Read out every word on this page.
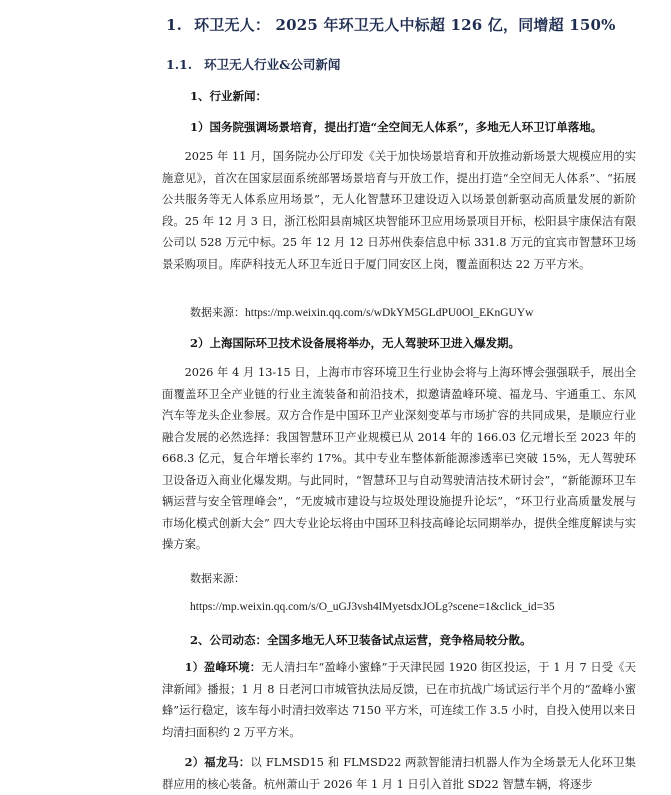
1. 环卫无人： 2025 年环卫无人中标超 126 亿，同增超 150%
1.1. 环卫无人行业&公司新闻
1、行业新闻：
1）国务院强调场景培育，提出打造“全空间无人体系”，多地无人环卫订单落地。

2025 年 11 月，国务院办公厅印发《关于加快场景培育和开放推动新场景大规模应用的实施意见》，首次在国家层面系统部署场景培育与开放工作，提出打造“全空间无人体系”、“拓展公共服务等无人体系应用场景”，无人化智慧环卫建设迈入以场景创新驱动高质量发展的新阶段。25 年 12 月 3 日，浙江松阳县南城区块智能环卫应用场景项目开标，松阳县宇康保洁有限公司以 528 万元中标。25 年 12 月 12 日苏州佚泰信息中标 331.8 万元的宜宾市智慧环卫场景采购项目。库萨科技无人环卫车近日于厦门同安区上岗，覆盖面积达 22 万平方米。

数据来源：https://mp.weixin.qq.com/s/wDkYM5GLdPU0Ol_EKnGUYw
2）上海国际环卫技术设备展将举办，无人驾驶环卫进入爆发期。

2026 年 4 月 13-15 日，上海市市容环境卫生行业协会将与上海环博会强强联手，展出全面覆盖环卫全产业链的行业主流装备和前沿技术，拟邀请盈峰环境、福龙马、宇通重工、东风汽车等龙头企业参展。双方合作是中国环卫产业深刻变革与市场扩容的共同成果，是顺应行业融合发展的必然选择：我国智慧环卫产业规模已从 2014 年的 166.03 亿元增长至 2023 年的 668.3 亿元，复合年增长率约 17%。其中专业车整体新能源渗透率已突破 15%，无人驾驶环卫设备迈入商业化爆发期。与此同时，“智慧环卫与自动驾驶清洁技术研讨会”，“新能源环卫车辆运营与安全管理峰会”，“无废城市建设与垃圾处理设施提升论坛”，“环卫行业高质量发展与市场化模式创新大会” 四大专业论坛将由中国环卫科技高峰论坛同期举办，提供全维度解读与实操方案。

数据来源：
https://mp.weixin.qq.com/s/O_uGJ3vsh4lMyetsdxJOLg?scene=1&click_id=35
2、公司动态：全国多地无人环卫装备试点运营，竞争格局较分散。

1）盈峰环境：无人清扫车“盈峰小蜜蜂”于天津民园 1920 街区投运，于 1 月 7 日受《天津新闻》播报；1 月 8 日老河口市城管执法局反馈，已在市抗战广场试运行半个月的“盈峰小蜜蜂”运行稳定，该车每小时清扫效率达 7150 平方米，可连续工作 3.5 小时，自投入使用以来日均清扫面积约 2 万平方米。

2）福龙马：以 FLMSD15 和 FLMSD22 两款智能清扫机器人作为全场景无人化环卫集群应用的核心装备。杭州萧山于 2026 年 1 月 1 日引入首批 SD22 智慧车辆，将逐步
